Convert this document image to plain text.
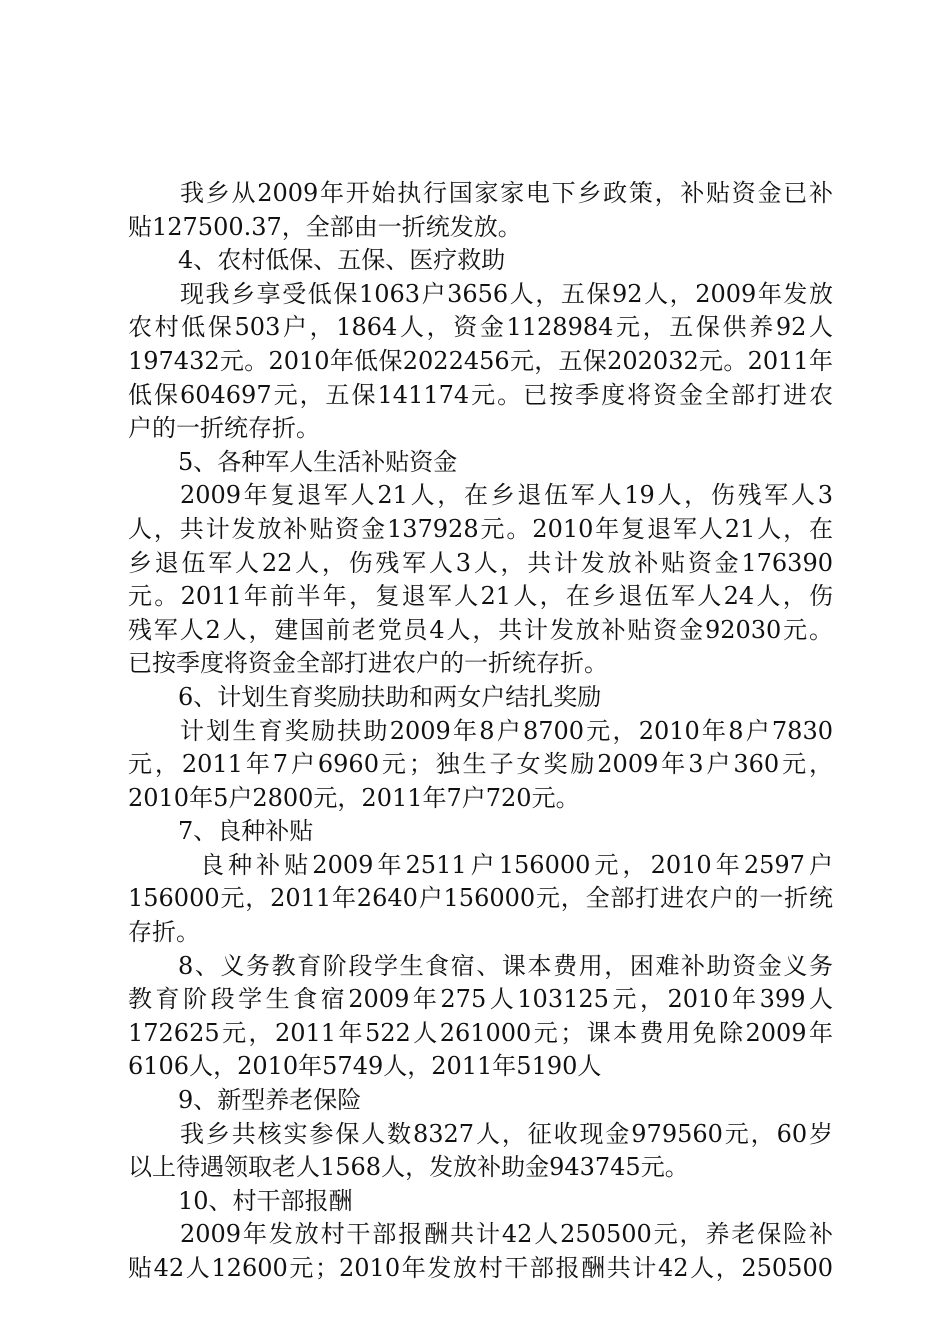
我乡从2009年开始执行国家家电下乡政策，补贴资金已补
贴127500.37，全部由一折统发放。
4、农村低保、五保、医疗救助
现我乡享受低保1063户3656人，五保92人，2009年发放
农村低保503户，1864人，资金1128984元，五保供养92人
197432元。2010年低保2022456元，五保202032元。2011年
低保604697元，五保141174元。已按季度将资金全部打进农
户的一折统存折。
5、各种军人生活补贴资金
2009年复退军人21人，在乡退伍军人19人，伤残军人3
人，共计发放补贴资金137928元。2010年复退军人21人，在
乡退伍军人22人，伤残军人3人，共计发放补贴资金176390
元。2011年前半年，复退军人21人，在乡退伍军人24人，伤
残军人2人，建国前老党员4人，共计发放补贴资金92030元。
已按季度将资金全部打进农户的一折统存折。
6、计划生育奖励扶助和两女户结扎奖励
计划生育奖励扶助2009年8户8700元，2010年8户7830
元，2011年7户6960元；独生子女奖励2009年3户360元，
2010年5户2800元，2011年7户720元。
7、良种补贴
良种补贴2009年2511户156000元，2010年2597户
156000元，2011年2640户156000元，全部打进农户的一折统
存折。
8、义务教育阶段学生食宿、课本费用，困难补助资金义务
教育阶段学生食宿2009年275人103125元，2010年399人
172625元，2011年522人261000元；课本费用免除2009年
6106人，2010年5749人，2011年5190人
9、新型养老保险
我乡共核实参保人数8327人，征收现金979560元，60岁
以上待遇领取老人1568人，发放补助金943745元。
10、村干部报酬
2009年发放村干部报酬共计42人250500元，养老保险补
贴42人12600元；2010年发放村干部报酬共计42人，250500
